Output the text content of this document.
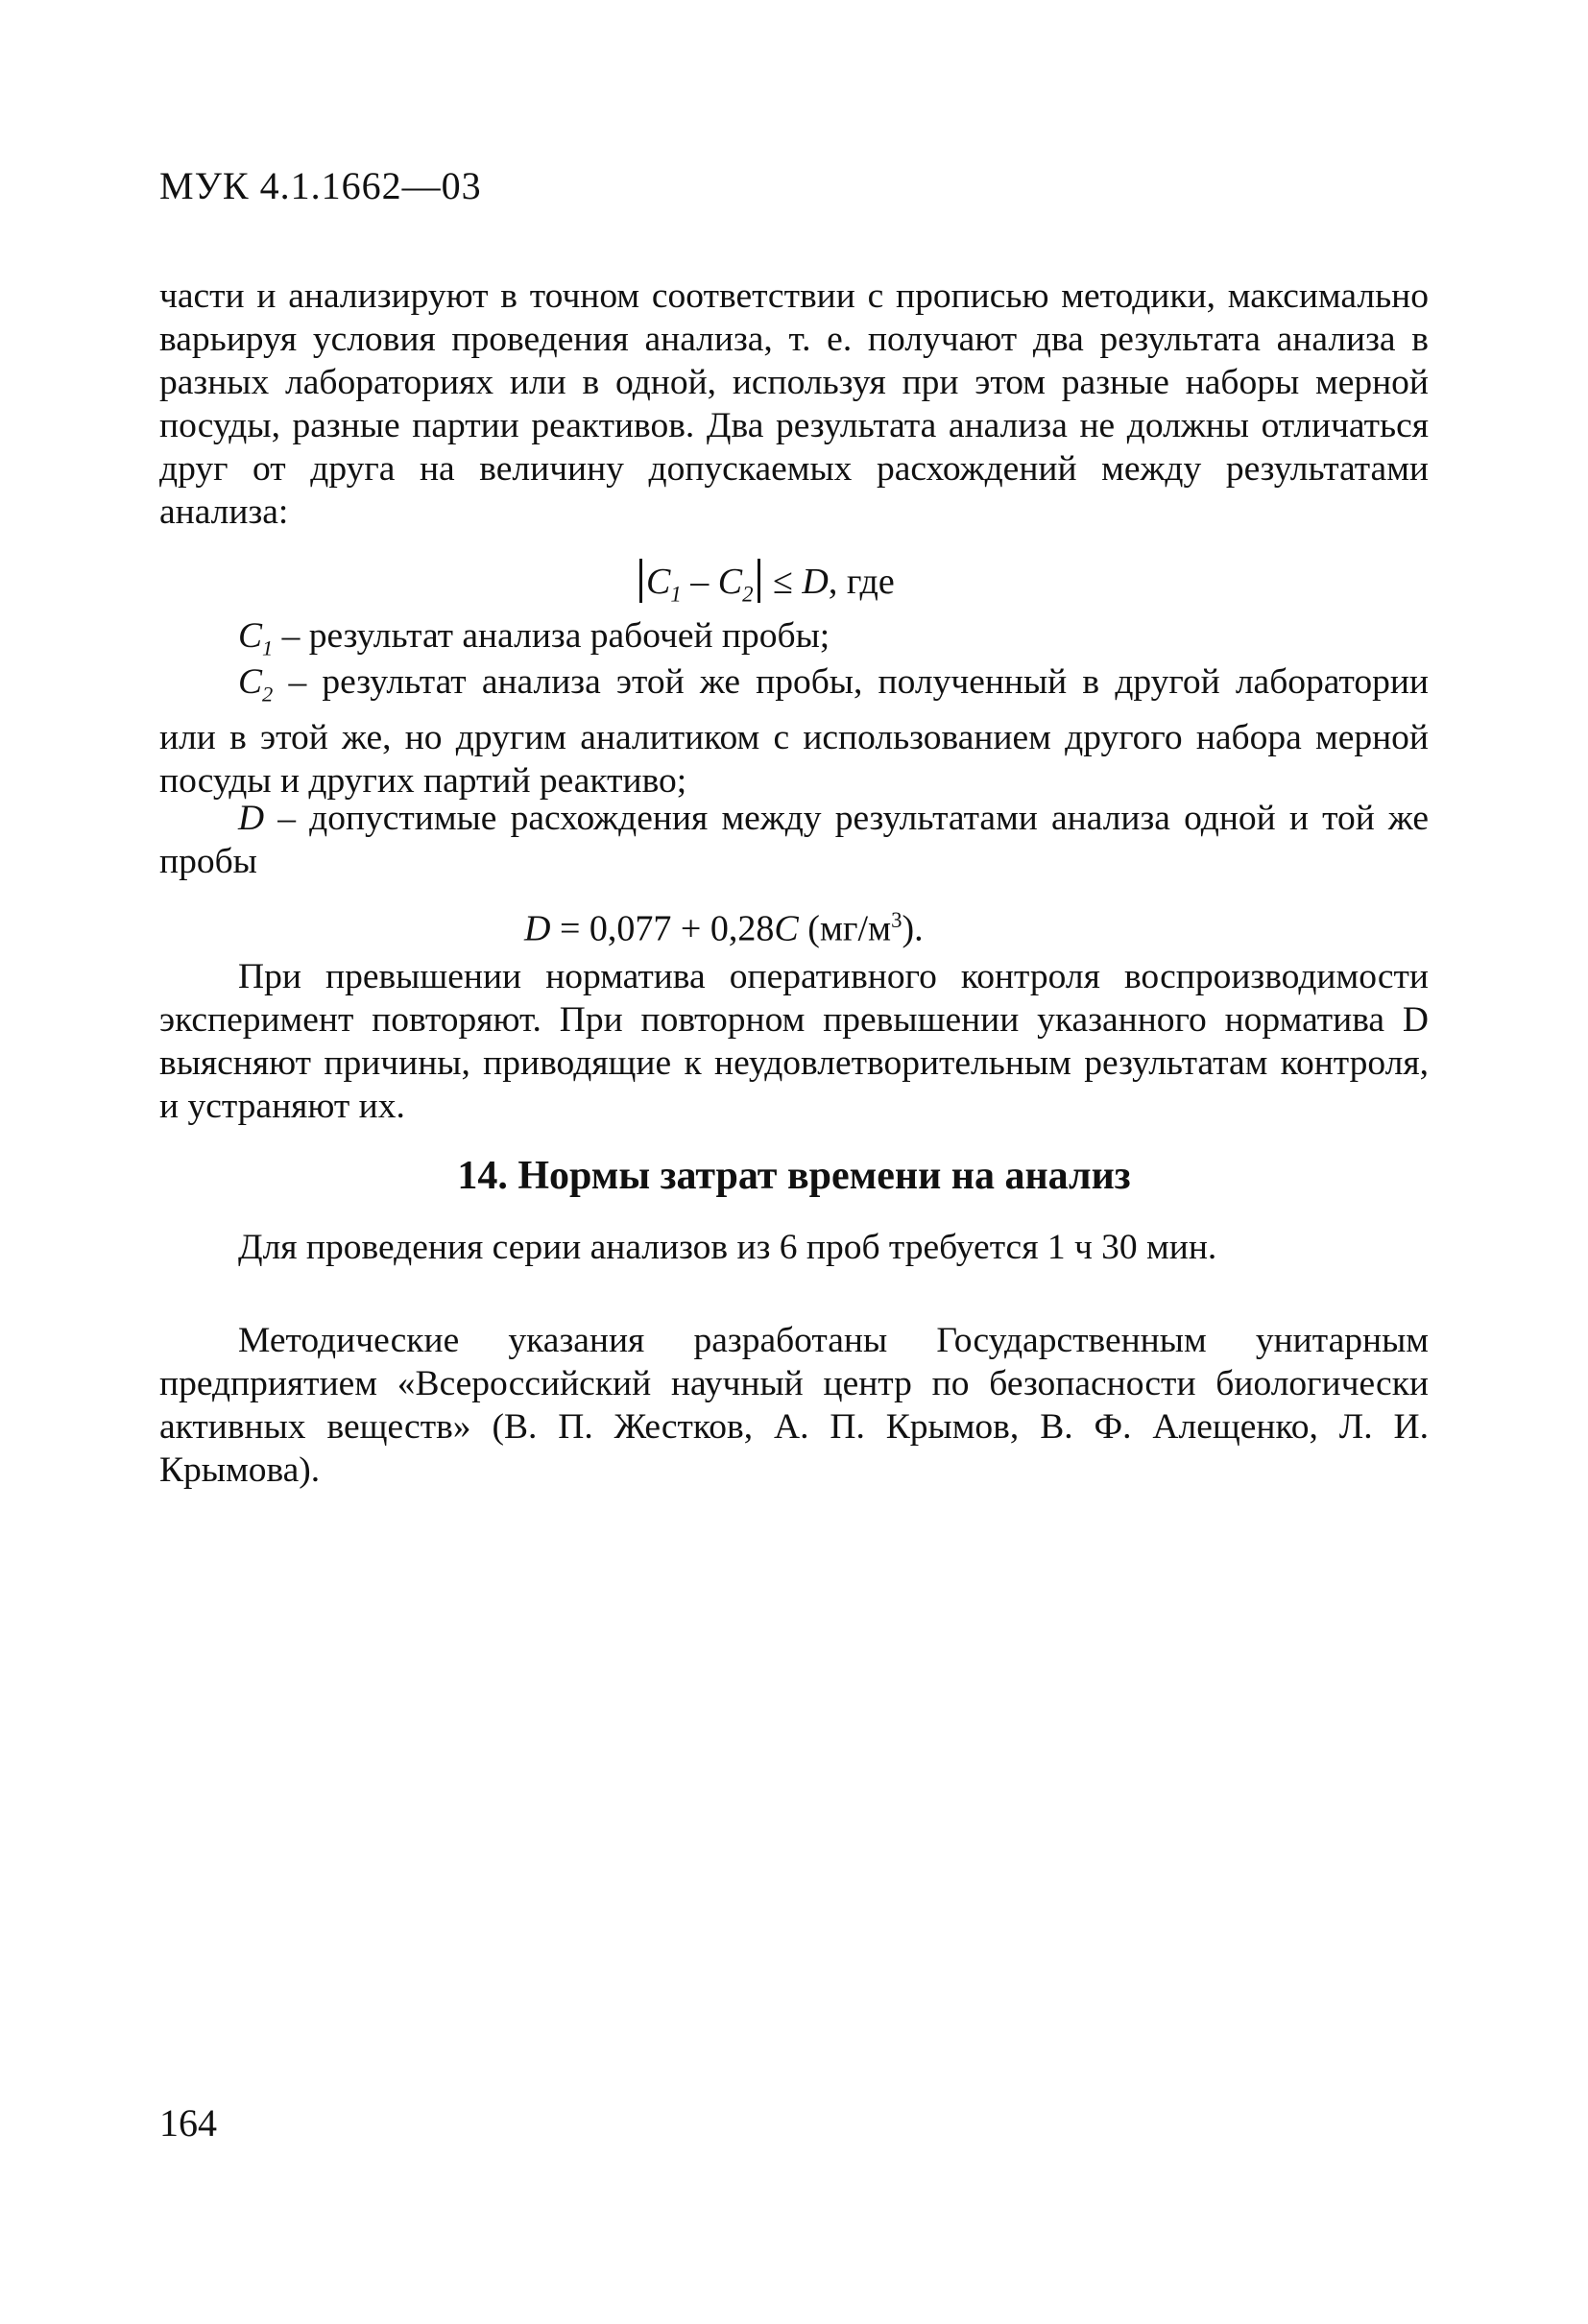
МУК 4.1.1662—03
части и анализируют в точном соответствии с прописью методики, максимально варьируя условия проведения анализа, т. е. получают два результата анализа в разных лабораториях или в одной, используя при этом разные наборы мерной посуды, разные партии реактивов. Два результата анализа не должны отличаться друг от друга на величину допускаемых расхождений между результатами анализа:
$C_1 - C_2 \le D$, где
$C_1$ – результат анализа рабочей пробы;
$C_2$ – результат анализа этой же пробы, полученный в другой лаборатории или в этой же, но другим аналитиком с использованием другого набора мерной посуды и других партий реактиво;
D – допустимые расхождения между результатами анализа одной и той же пробы
D = 0,077 + 0,28C $(мг/м^3)$.
При превышении норматива оперативного контроля воспроизводимости эксперимент повторяют. При повторном превышении указанного норматива D выясняют причины, приводящие к неудовлетворительным результатам контроля, и устраняют их.
14. Нормы затрат времени на анализ
Для проведения серии анализов из 6 проб требуется 1 ч 30 мин.
Методические указания разработаны Государственным унитарным предприятием «Всероссийский научный центр по безопасности биологически активных веществ» (В. П. Жестков, А. П. Крымов, В. Ф. Алещенко, Л. И. Крымова).
164
